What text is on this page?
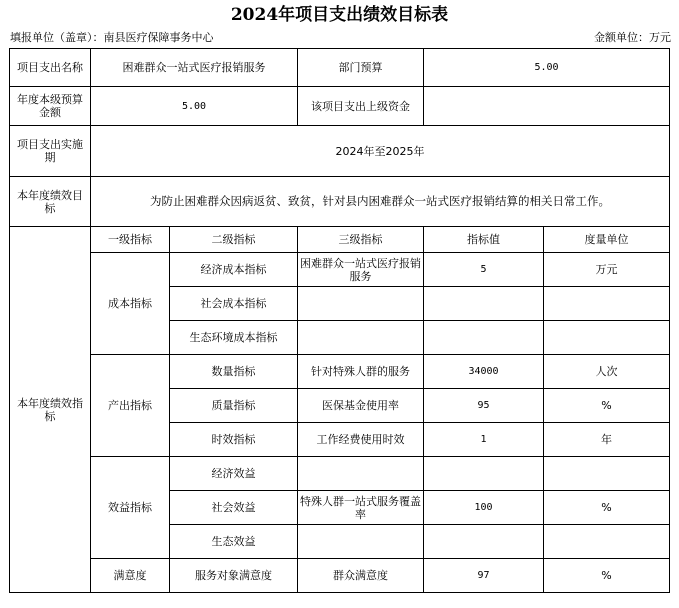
2024年项目支出绩效目标表
填报单位（盖章）：南县医疗保障事务中心	金额单位：万元
项目支出名称	困难群众一站式医疗报销服务		部门预算	5.00	
年度本级预算金额	5.00		该项目支出上级资金		
项目支出实施期	2024年至2025年				
本年度绩效目标	为防止困难群众因病返贫、致贫，针对县内困难群众一站式医疗报销结算的相关日常工作。				
本年度绩效指标	一级指标	二级指标	三级指标	指标值	度量单位
	成本指标	经济成本指标	困难群众一站式医疗报销服务	5	万元
		社会成本指标			
		生态环境成本指标			
	产出指标	数量指标	针对特殊人群的服务	34000	人次
		质量指标	医保基金使用率	95	%
		时效指标	工作经费使用时效	1	年
	效益指标	经济效益			
		社会效益	特殊人群一站式服务覆盖率	100	%
		生态效益			
	满意度	服务对象满意度	群众满意度	97	%
